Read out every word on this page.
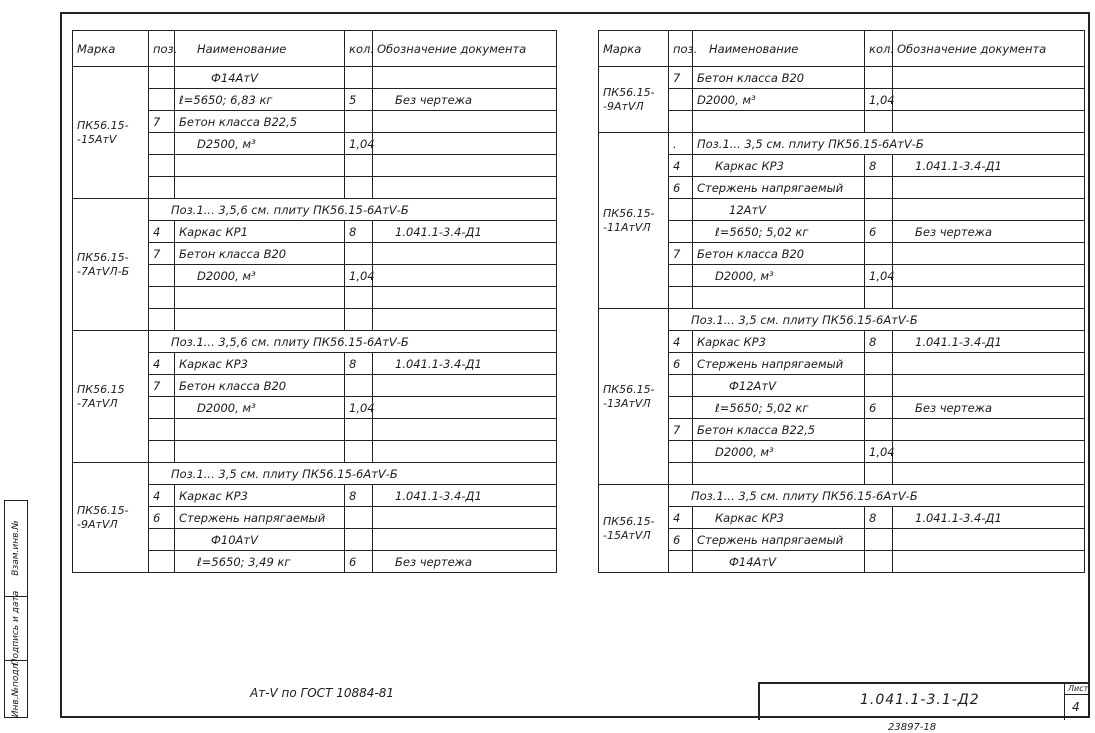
Марка	поз.	Наименование	кол.	Обозначение документа
ПК56.15-
-15АтⅤ		Ф14АтⅤ		
		ℓ=5650; 6,83 кг	5	Без чертежа
	7	Бетон класса В22,5		
		D2500, м³	1,04	

ПК56.15-
-7АтⅤЛ-Б	Поз.1... 3,5,6 см. плиту ПК56.15-6АтⅤ-Б			
	4	Каркас КР1	8	1.041.1-3.4-Д1
	7	Бетон класса В20		
		D2000, м³	1,04	

ПК56.15
-7АтⅤЛ	Поз.1... 3,5,6 см. плиту ПК56.15-6АтⅤ-Б			
	4	Каркас КР3	8	1.041.1-3.4-Д1
	7	Бетон класса В20		
		D2000, м³	1,04	

ПК56.15-
-9АтⅤЛ	Поз.1... 3,5 см. плиту ПК56.15-6АтⅤ-Б			
	4	Каркас КР3	8	1.041.1-3.4-Д1
	6	Стержень напрягаемый		
		Ф10АтⅤ		
		ℓ=5650; 3,49 кг	6	Без чертежа
Марка	поз.	Наименование	кол.	Обозначение документа
ПК56.15-
-9АтⅤЛ	7	Бетон класса В20		
		D2000, м³	1,04	

ПК56.15-
-11АтⅤЛ	.	Поз.1... 3,5 см. плиту ПК56.15-6АтⅤ-Б		
	4	Каркас КР3	8	1.041.1-3.4-Д1
	6	Стержень напрягаемый		
		12АтⅤ		
		ℓ=5650; 5,02 кг	6	Без чертежа
	7	Бетон класса В20		
		D2000, м³	1,04	

ПК56.15-
-13АтⅤЛ	Поз.1... 3,5 см. плиту ПК56.15-6АтⅤ-Б			
	4	Каркас КР3	8	1.041.1-3.4-Д1
	6	Стержень напрягаемый		
		Ф12АтⅤ		
		ℓ=5650; 5,02 кг	6	Без чертежа
	7	Бетон класса В22,5		
		D2000, м³	1,04	

ПК56.15-
-15АтⅤЛ	Поз.1... 3,5 см. плиту ПК56.15-6АтⅤ-Б			
	4	Каркас КР3	8	1.041.1-3.4-Д1
	6	Стержень напрягаемый		
		Ф14АтⅤ		
Ат-Ⅴ по ГОСТ 10884-81	1.041.1-3.1-Д2
Лист
4
23897-18
Взам.инв.№
Подпись и дата
Инв.№подл.
